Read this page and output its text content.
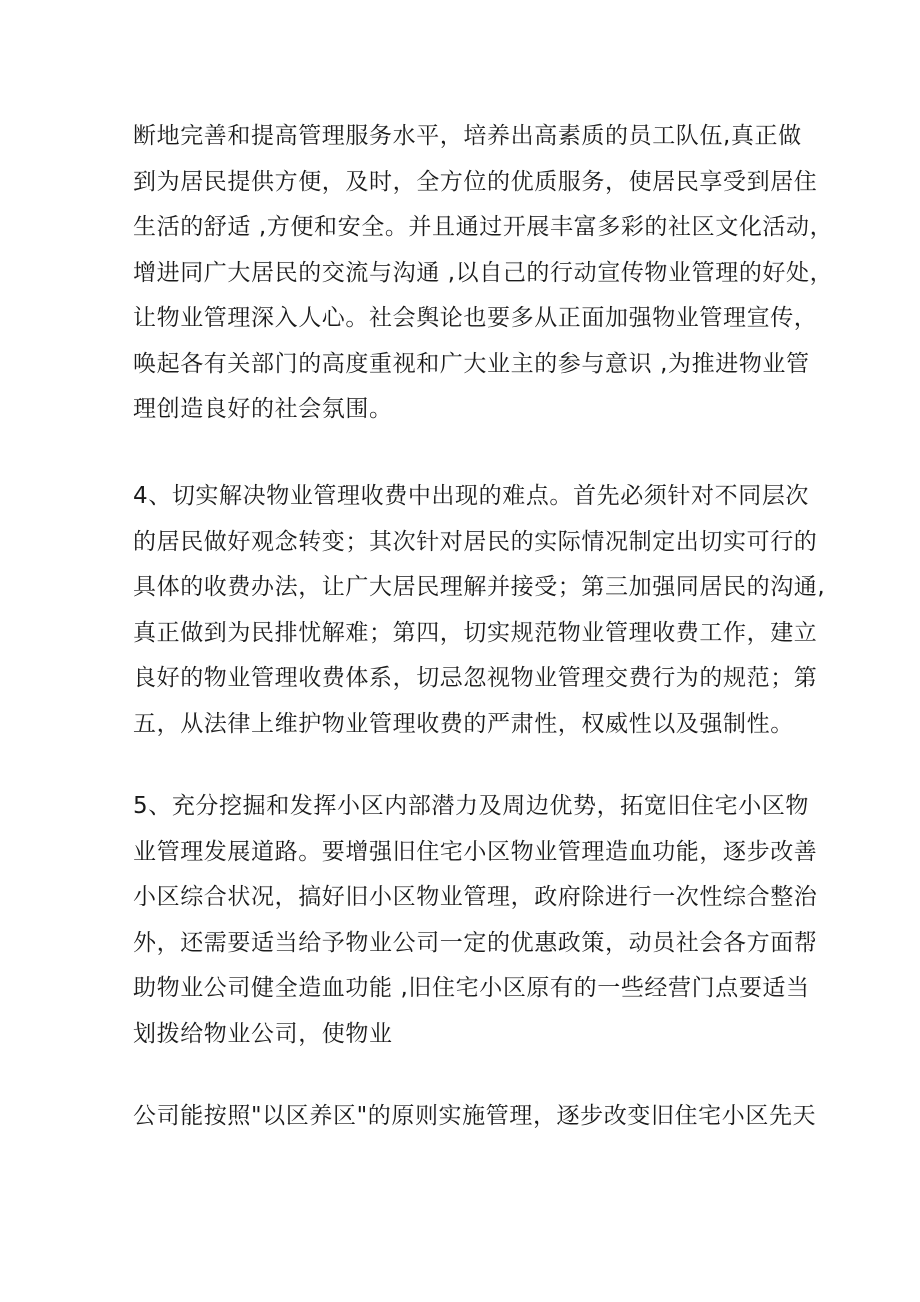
断地完善和提高管理服务水平，培养出高素质的员工队伍,真正做
到为居民提供方便，及时，全方位的优质服务，使居民享受到居住
生活的舒适 ,方便和安全。并且通过开展丰富多彩的社区文化活动，
增进同广大居民的交流与沟通 ,以自己的行动宣传物业管理的好处，
让物业管理深入人心。社会舆论也要多从正面加强物业管理宣传，
唤起各有关部门的高度重视和广大业主的参与意识 ,为推进物业管
理创造良好的社会氛围。
4、切实解决物业管理收费中出现的难点。首先必须针对不同层次
的居民做好观念转变；其次针对居民的实际情况制定出切实可行的
具体的收费办法，让广大居民理解并接受；第三加强同居民的沟通,
真正做到为民排忧解难；第四，切实规范物业管理收费工作，建立
良好的物业管理收费体系，切忌忽视物业管理交费行为的规范；第
五，从法律上维护物业管理收费的严肃性，权威性以及强制性。
5、充分挖掘和发挥小区内部潜力及周边优势，拓宽旧住宅小区物
业管理发展道路。要增强旧住宅小区物业管理造血功能，逐步改善
小区综合状况，搞好旧小区物业管理，政府除进行一次性综合整治
外，还需要适当给予物业公司一定的优惠政策，动员社会各方面帮
助物业公司健全造血功能 ,旧住宅小区原有的一些经营门点要适当
划拨给物业公司，使物业
公司能按照"以区养区"的原则实施管理，逐步改变旧住宅小区先天
